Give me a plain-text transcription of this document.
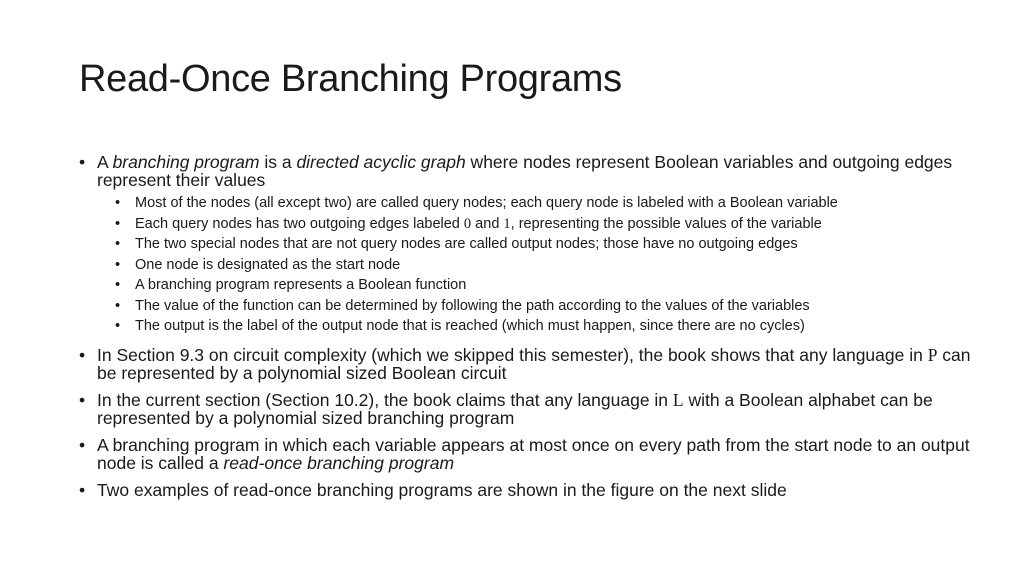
Read-Once Branching Programs
• A branching program is a directed acyclic graph where nodes represent Boolean variables and outgoing edges represent their values
• Most of the nodes (all except two) are called query nodes; each query node is labeled with a Boolean variable
• Each query nodes has two outgoing edges labeled 0 and 1, representing the possible values of the variable
• The two special nodes that are not query nodes are called output nodes; those have no outgoing edges
• One node is designated as the start node
• A branching program represents a Boolean function
• The value of the function can be determined by following the path according to the values of the variables
• The output is the label of the output node that is reached (which must happen, since there are no cycles)
• In Section 9.3 on circuit complexity (which we skipped this semester), the book shows that any language in P can be represented by a polynomial sized Boolean circuit
• In the current section (Section 10.2), the book claims that any language in L with a Boolean alphabet can be represented by a polynomial sized branching program
• A branching program in which each variable appears at most once on every path from the start node to an output node is called a read-once branching program
• Two examples of read-once branching programs are shown in the figure on the next slide
